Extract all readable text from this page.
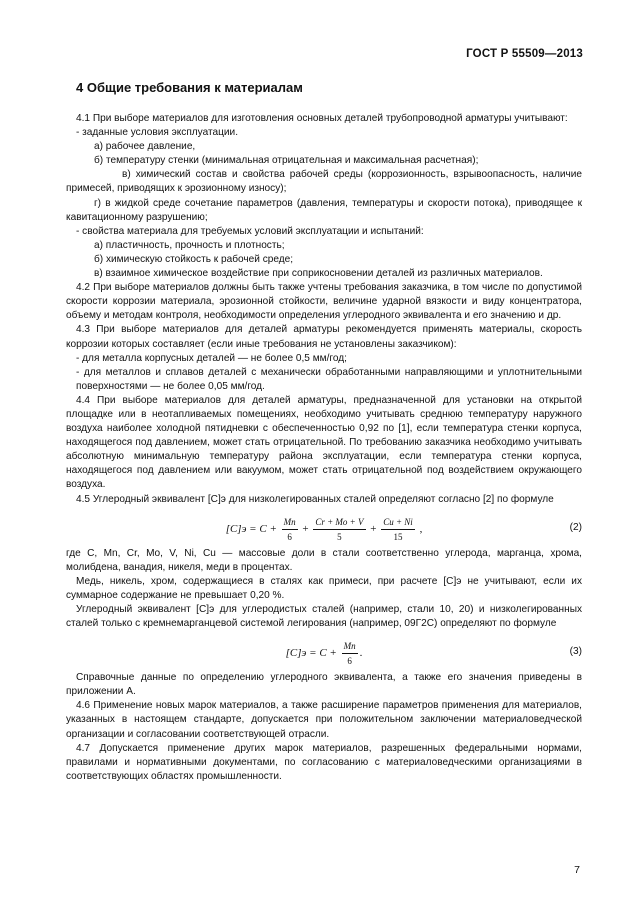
ГОСТ Р 55509—2013
4 Общие требования к материалам

4.1 При выборе материалов для изготовления основных деталей трубопроводной арматуры учитывают:

- заданные условия эксплуатации.

а) рабочее давление,

б) температуру стенки (минимальная отрицательная и максимальная расчетная);

в) химический состав и свойства рабочей среды (коррозионность, взрывоопасность, наличие примесей, приводящих к эрозионному износу);

г) в жидкой среде сочетание параметров (давления, температуры и скорости потока), приводящее к кавитационному разрушению;

- свойства материала для требуемых условий эксплуатации и испытаний:

а) пластичность, прочность и плотность;

б) химическую стойкость к рабочей среде;

в) взаимное химическое воздействие при соприкосновении деталей из различных материалов.

4.2 При выборе материалов должны быть также учтены требования заказчика, в том числе по допустимой скорости коррозии материала, эрозионной стойкости, величине ударной вязкости и виду концентратора, объему и методам контроля, необходимости определения углеродного эквивалента и его значению и др.

4.3 При выборе материалов для деталей арматуры рекомендуется применять материалы, скорость коррозии которых составляет (если иные требования не установлены заказчиком):

- для металла корпусных деталей — не более 0,5 мм/год;

- для металлов и сплавов деталей с механически обработанными направляющими и уплотнительными поверхностями — не более 0,05 мм/год.

4.4 При выборе материалов для деталей арматуры, предназначенной для установки на открытой площадке или в неотапливаемых помещениях, необходимо учитывать среднюю температуру наружного воздуха наиболее холодной пятидневки с обеспеченностью 0,92 по [1], если температура стенки корпуса, находящегося под давлением, может стать отрицательной. По требованию заказчика необходимо учитывать абсолютную минимальную температуру района эксплуатации, если температура стенки корпуса, находящегося под давлением или вакуумом, может стать отрицательной под воздействием окружающего воздуха.

4.5 Углеродный эквивалент [C]э для низколегированных сталей определяют согласно [2] по формуле

$[C]э = C + \frac{Mn}{6} + \frac{Cr + Mo + V}{5} + \frac{Cu + Ni}{15}$ ,	(2)

где C, Mn, Cr, Mo, V, Ni, Cu — массовые доли в стали соответственно углерода, марганца, хрома, молибдена, ванадия, никеля, меди в процентах.

Медь, никель, хром, содержащиеся в сталях как примеси, при расчете [C]э не учитывают, если их суммарное содержание не превышает 0,20 %.

Углеродный эквивалент [C]э для углеродистых сталей (например, стали 10, 20) и низколегированных сталей только с кремнемарганцевой системой легирования (например, 09Г2С) определяют по формуле

$[C]э = C + \frac{Mn}{6}$ .	(3)

Справочные данные по определению углеродного эквивалента, а также его значения приведены в приложении А.

4.6 Применение новых марок материалов, а также расширение параметров применения для материалов, указанных в настоящем стандарте, допускается при положительном заключении материаловедческой организации и согласовании соответствующей отрасли.

4.7 Допускается применение других марок материалов, разрешенных федеральными нормами, правилами и нормативными документами, по согласованию с материаловедческими организациями в соответствующих областях промышленности.

7
